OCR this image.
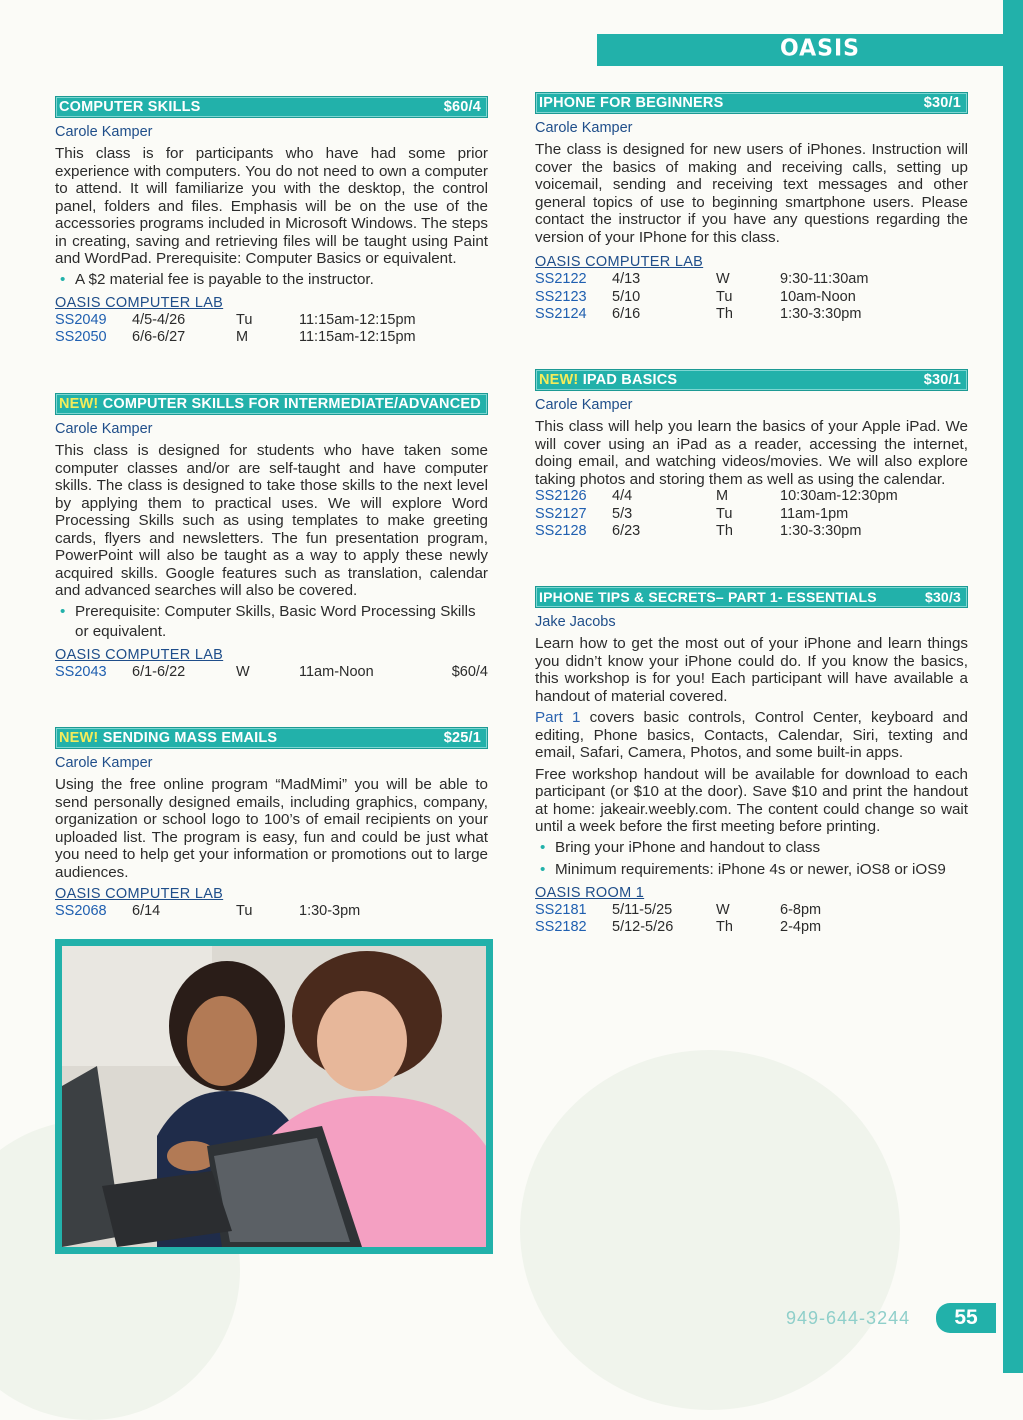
OASIS
COMPUTER SKILLS	$60/4
Carole Kamper
This class is for participants who have had some prior experience with computers. You do not need to own a computer to attend. It will familiarize you with the desktop, the control panel, folders and files. Emphasis will be on the use of the accessories programs included in Microsoft Windows. The steps in creating, saving and retrieving files will be taught using Paint and WordPad. Prerequisite: Computer Basics or equivalent.
• A $2 material fee is payable to the instructor.
OASIS COMPUTER LAB
SS2049	4/5-4/26	Tu	11:15am-12:15pm
SS2050	6/6-6/27	M	11:15am-12:15pm
NEW! COMPUTER SKILLS FOR INTERMEDIATE/ADVANCED
Carole Kamper
This class is designed for students who have taken some computer classes and/or are self-taught and have computer skills. The class is designed to take those skills to the next level by applying them to practical uses. We will explore Word Processing Skills such as using templates to make greeting cards, flyers and newsletters. The fun presentation program, PowerPoint will also be taught as a way to apply these newly acquired skills. Google features such as translation, calendar and advanced searches will also be covered.
• Prerequisite: Computer Skills, Basic Word Processing Skills or equivalent.
OASIS COMPUTER LAB
SS2043	6/1-6/22	W	11am-Noon	$60/4
NEW! SENDING MASS EMAILS	$25/1
Carole Kamper
Using the free online program “MadMimi” you will be able to send personally designed emails, including graphics, company, organization or school logo to 100’s of email recipients on your uploaded list. The program is easy, fun and could be just what you need to help get your information or promotions out to large audiences.
OASIS COMPUTER LAB
SS2068	6/14	Tu	1:30-3pm
IPHONE FOR BEGINNERS	$30/1
Carole Kamper
The class is designed for new users of iPhones. Instruction will cover the basics of making and receiving calls, setting up voicemail, sending and receiving text messages and other general topics of use to beginning smartphone users. Please contact the instructor if you have any questions regarding the version of your IPhone for this class.
OASIS COMPUTER LAB
SS2122	4/13	W	9:30-11:30am
SS2123	5/10	Tu	10am-Noon
SS2124	6/16	Th	1:30-3:30pm
NEW! IPAD BASICS	$30/1
Carole Kamper
This class will help you learn the basics of your Apple iPad. We will cover using an iPad as a reader, accessing the internet, doing email, and watching videos/movies. We will also explore taking photos and storing them as well as using the calendar.
SS2126	4/4	M	10:30am-12:30pm
SS2127	5/3	Tu	11am-1pm
SS2128	6/23	Th	1:30-3:30pm
IPHONE TIPS & SECRETS– PART 1- ESSENTIALS	$30/3
Jake Jacobs
Learn how to get the most out of your iPhone and learn things you didn’t know your iPhone could do. If you know the basics, this workshop is for you! Each participant will have available a handout of material covered.
Part 1 covers basic controls, Control Center, keyboard and editing, Phone basics, Contacts, Calendar, Siri, texting and email, Safari, Camera, Photos, and some built-in apps.
Free workshop handout will be available for download to each participant (or $10 at the door). Save $10 and print the handout at home: jakeair.weebly.com. The content could change so wait until a week before the first meeting before printing.
• Bring your iPhone and handout to class
• Minimum requirements: iPhone 4s or newer, iOS8 or iOS9
OASIS ROOM 1
SS2181	5/11-5/25	W	6-8pm
SS2182	5/12-5/26	Th	2-4pm
949-644-3244	55
